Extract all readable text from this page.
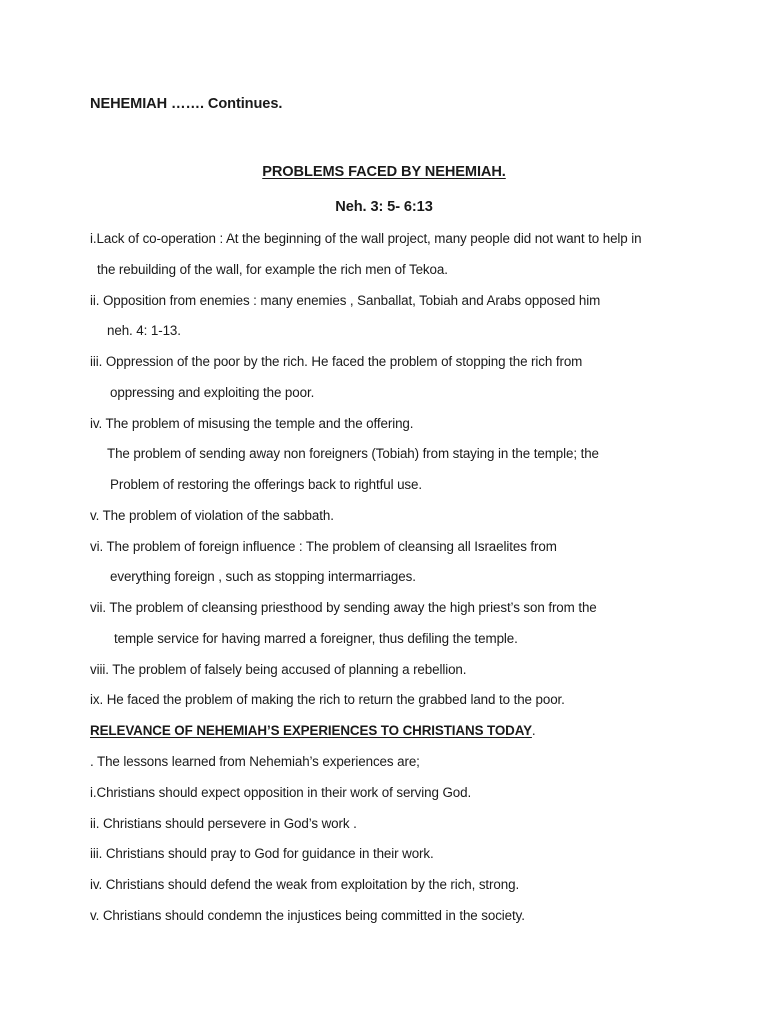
NEHEMIAH ……. Continues.
PROBLEMS FACED BY NEHEMIAH.
Neh. 3: 5- 6:13
i.Lack of co-operation : At the beginning of the wall project, many people did not want to help in
the rebuilding of the wall, for example the rich men of Tekoa.
ii. Opposition from enemies : many enemies , Sanballat, Tobiah and Arabs opposed him
neh. 4: 1-13.
iii. Oppression of the poor by the rich. He faced the problem of stopping the rich from
oppressing and exploiting the poor.
iv. The problem of misusing the temple and the offering.
The problem of sending away non foreigners (Tobiah) from staying in the temple; the
Problem of restoring the offerings back to rightful use.
v. The problem of violation of the sabbath.
vi. The problem of foreign influence : The problem of cleansing all Israelites from
everything foreign , such as stopping intermarriages.
vii. The problem of cleansing priesthood by sending away the high priest’s son from the
temple service for having marred a foreigner, thus defiling the temple.
viii. The problem of falsely being accused of planning a rebellion.
ix. He faced the problem of making the rich to return the grabbed land to the poor.
RELEVANCE OF NEHEMIAH’S EXPERIENCES TO CHRISTIANS TODAY.
. The lessons learned from Nehemiah’s experiences are;
i.Christians should expect opposition in their work of serving God.
ii. Christians should persevere in God’s work .
iii. Christians should pray to God for guidance in their work.
iv. Christians should defend the weak from exploitation by the rich, strong.
v. Christians should condemn the injustices being committed in the society.
